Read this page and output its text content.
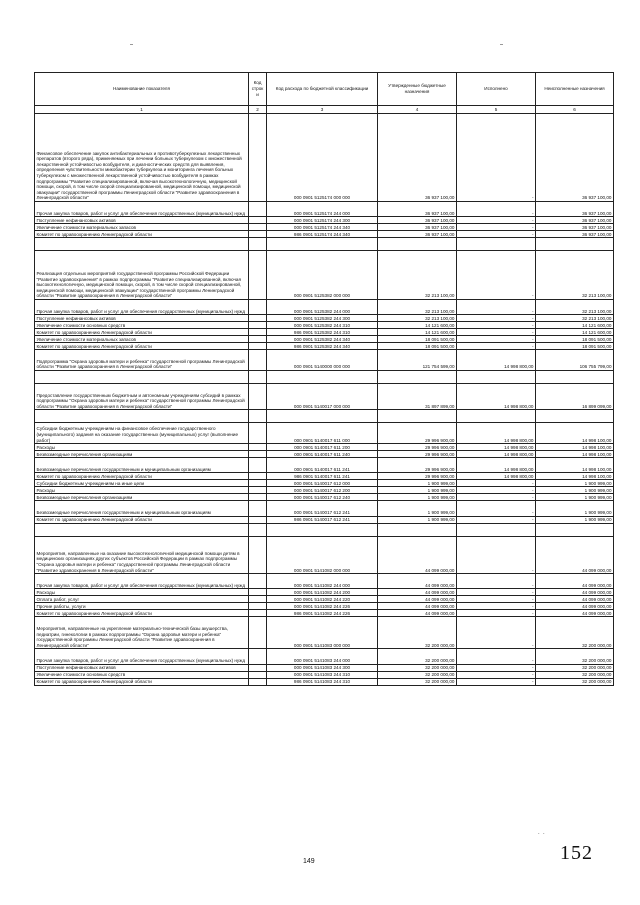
Наименование показателя	Код строк и	Код расхода по бюджетной классификации	Утвержденные бюджетные назначения	Исполнено	Неисполненные назначения
1	2	3	4	5	6
Финансовое обеспечение закупок антибактериальных и противотуберкулезных лекарственных препаратов (второго ряда), применяемых при лечении больных туберкулезом с множественной лекарственной устойчивостью возбудителя, и диагностических средств для выявления, определения чувствительности микобактерии туберкулеза и мониторинга лечения больных туберкулезом с множественной лекарственной устойчивостью возбудителя в рамках подпрограммы "Развитие специализированной, включая высокотехнологичную, медицинской помощи, скорой, в том числе скорой специализированной, медицинской помощи, медицинской эвакуации" государственной программы Ленинградской области "Развитие здравоохранения в Ленинградской области"		000 0901 5125174 000 000	36 937 100,00	-	36 937 100,00
Прочая закупка товаров, работ и услуг для обеспечения государственных (муниципальных) нужд		000 0901 5125174 244 000	36 937 100,00	-	36 937 100,00
Поступление нефинансовых активов		000 0901 5125174 244 300	36 937 100,00	-	36 937 100,00
Увеличение стоимости материальных запасов		000 0901 5125174 244 340	36 937 100,00	-	36 937 100,00
Комитет по здравоохранению Ленинградской области		986 0901 5125174 244 340	36 937 100,00	-	36 937 100,00

Реализация отдельных мероприятий государственной программы Российской Федерации "Развитие здравоохранения" в рамках подпрограммы "Развитие специализированной, включая высокотехнологичную, медицинской помощи, скорой, в том числе скорой специализированной, медицинской помощи, медицинской эвакуации" государственной программы Ленинградской области "Развитие здравоохранения в Ленинградской области"		000 0901 5125382 000 000	32 213 100,00	-	32 213 100,00
Прочая закупка товаров, работ и услуг для обеспечения государственных (муниципальных) нужд		000 0901 5125382 244 000	32 213 100,00	-	32 213 100,00
Поступление нефинансовых активов		000 0901 5125382 244 300	32 213 100,00	-	32 213 100,00
Увеличение стоимости основных средств		000 0901 5125382 244 310	14 121 600,00	-	14 121 600,00
Комитет по здравоохранению Ленинградской области		986 0901 5125382 244 310	14 121 600,00	-	14 121 600,00
Увеличение стоимости материальных запасов		000 0901 5125382 244 340	18 091 500,00	-	18 091 500,00
Комитет по здравоохранению Ленинградской области		986 0901 5125382 244 340	18 091 500,00	-	18 091 500,00
Подпрограмма "Охрана здоровья матери и ребенка" государственной программы Ленинградской области "Развитие здравоохранения в Ленинградской области"		000 0901 5140000 000 000	121 754 599,00	14 998 800,00	106 755 799,00

Предоставление государственным бюджетным и автономным учреждениям субсидий в рамках подпрограммы "Охрана здоровья матери и ребенка" государственной программы Ленинградской области "Развитие здравоохранения в Ленинградской области"		000 0901 5140017 000 000	31 897 899,00	14 998 800,00	16 899 099,00

Субсидии бюджетным учреждениям на финансовое обеспечение государственного (муниципального) задания на оказание государственных (муниципальных) услуг (выполнение работ)		000 0901 5140017 611 000	29 996 900,00	14 998 800,00	14 998 100,00
Расходы		000 0901 5140017 611 200	29 996 900,00	14 998 800,00	14 998 100,00
Безвозмездные перечисления организациям		000 0901 5140017 611 240	29 996 900,00	14 998 800,00	14 998 100,00
Безвозмездные перечисления государственным и муниципальным организациям		000 0901 5140017 611 241	29 996 900,00	14 998 800,00	14 998 100,00
Комитет по здравоохранению Ленинградской области		986 0901 5140017 611 241	29 996 900,00	14 998 800,00	14 998 100,00
Субсидии бюджетным учреждениям на иные цели		000 0901 5140017 612 000	1 900 999,00	-	1 900 999,00
Расходы		000 0901 5140017 612 200	1 900 999,00	-	1 900 999,00
Безвозмездные перечисления организациям		000 0901 5140017 612 240	1 900 999,00	-	1 900 999,00
Безвозмездные перечисления государственным и муниципальным организациям		000 0901 5140017 612 241	1 900 999,00	-	1 900 999,00
Комитет по здравоохранению Ленинградской области		986 0901 5140017 612 241	1 900 999,00	-	1 900 999,00

Мероприятия, направленные на оказание высокотехнологичной медицинской помощи детям в медицинских организациях других субъектов Российской Федерации в рамках подпрограммы "Охрана здоровья матери и ребенка" государственной программы Ленинградской области "Развитие здравоохранения в Ленинградской области"		000 0901 5141082 000 000	44 099 000,00	-	44 099 000,00
Прочая закупка товаров, работ и услуг для обеспечения государственных (муниципальных) нужд		000 0901 5141082 244 000	44 099 000,00	-	44 099 000,00
Расходы		000 0901 5141082 244 200	44 099 000,00	-	44 099 000,00
Оплата работ, услуг		000 0901 5141082 244 220	44 099 000,00	-	44 099 000,00
Прочие работы, услуги		000 0901 5141082 244 226	44 099 000,00	-	44 099 000,00
Комитет по здравоохранению Ленинградской области		986 0901 5141082 244 226	44 099 000,00	-	44 099 000,00
Мероприятия, направленные на укрепление материально-технической базы акушерства, педиатрии, гинекологии в рамках подпрограммы "Охрана здоровья матери и ребенка" государственной программы Ленинградской области "Развитие здравоохранения в Ленинградской области"		000 0901 5141083 000 000	32 200 000,00	-	32 200 000,00
Прочая закупка товаров, работ и услуг для обеспечения государственных (муниципальных) нужд		000 0901 5141083 244 000	32 200 000,00	-	32 200 000,00
Поступление нефинансовых активов		000 0901 5141083 244 300	32 200 000,00	-	32 200 000,00
Увеличение стоимости основных средств		000 0901 5141083 244 310	32 200 000,00	-	32 200 000,00
Комитет по здравоохранению Ленинградской области		986 0901 5141083 244 310	32 200 000,00	-	32 200 000,00
.  .
149	152
